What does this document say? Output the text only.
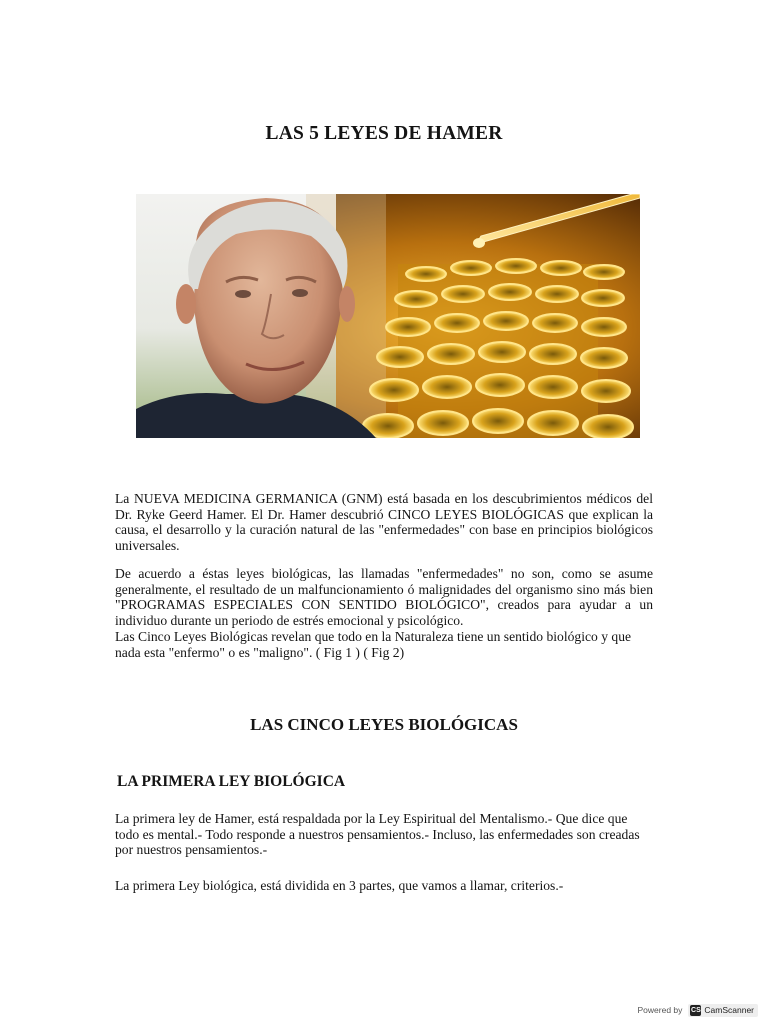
LAS 5 LEYES DE HAMER

La NUEVA MEDICINA GERMANICA (GNM) está basada en los descubrimientos médicos del Dr. Ryke Geerd Hamer. El Dr. Hamer descubrió CINCO LEYES BIOLÓGICAS que explican la causa, el desarrollo y la curación natural de las "enfermedades" con base en principios biológicos universales.

De acuerdo a éstas leyes biológicas, las llamadas "enfermedades" no son, como se asume generalmente, el resultado de un malfuncionamiento ó malignidades del organismo sino más bien "PROGRAMAS ESPECIALES CON SENTIDO BIOLÓGICO", creados para ayudar a un individuo durante un periodo de estrés emocional y psicológico.

Las Cinco Leyes Biológicas revelan que todo en la Naturaleza tiene un sentido biológico y que nada esta "enfermo" o es "maligno". ( Fig 1 ) ( Fig 2)

LAS CINCO LEYES BIOLÓGICAS
LA PRIMERA LEY BIOLÓGICA

La primera ley de Hamer, está respaldada por la Ley Espiritual del Mentalismo.- Que dice que todo es mental.- Todo responde a nuestros pensamientos.- Incluso, las enfermedades son creadas por nuestros pensamientos.-

La primera Ley biológica, está dividida en 3 partes, que vamos a llamar, criterios.-

Powered by CS CamScanner
